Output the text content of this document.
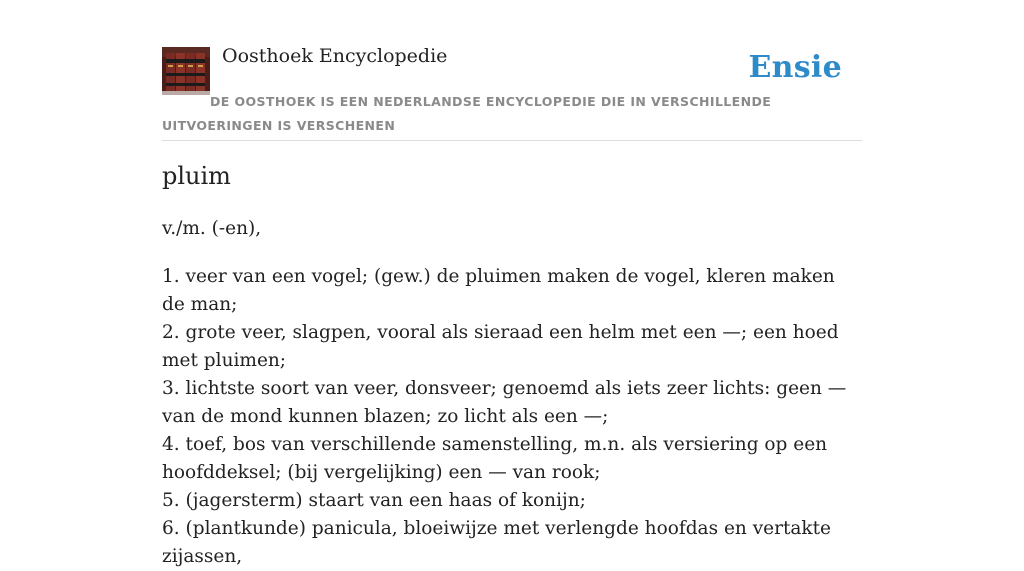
Oosthoek Encyclopedie	Ensie
DE OOSTHOEK IS EEN NEDERLANDSE ENCYCLOPEDIE DIE IN VERSCHILLENDE UITVOERINGEN IS VERSCHENEN
pluim

v./m. (-en),

1. veer van een vogel; (gew.) de pluimen maken de vogel, kleren maken de man;
2. grote veer, slagpen, vooral als sieraad een helm met een —; een hoed met pluimen;
3. lichtste soort van veer, donsveer; genoemd als iets zeer lichts: geen — van de mond kunnen blazen; zo licht als een —;
4. toef, bos van verschillende samenstelling, m.n. als versiering op een hoofddeksel; (bij vergelijking) een — van rook;
5. (jagersterm) staart van een haas of konijn;
6. (plantkunde) panicula, bloeiwijze met verlengde hoofdas en vertakte zijassen,
